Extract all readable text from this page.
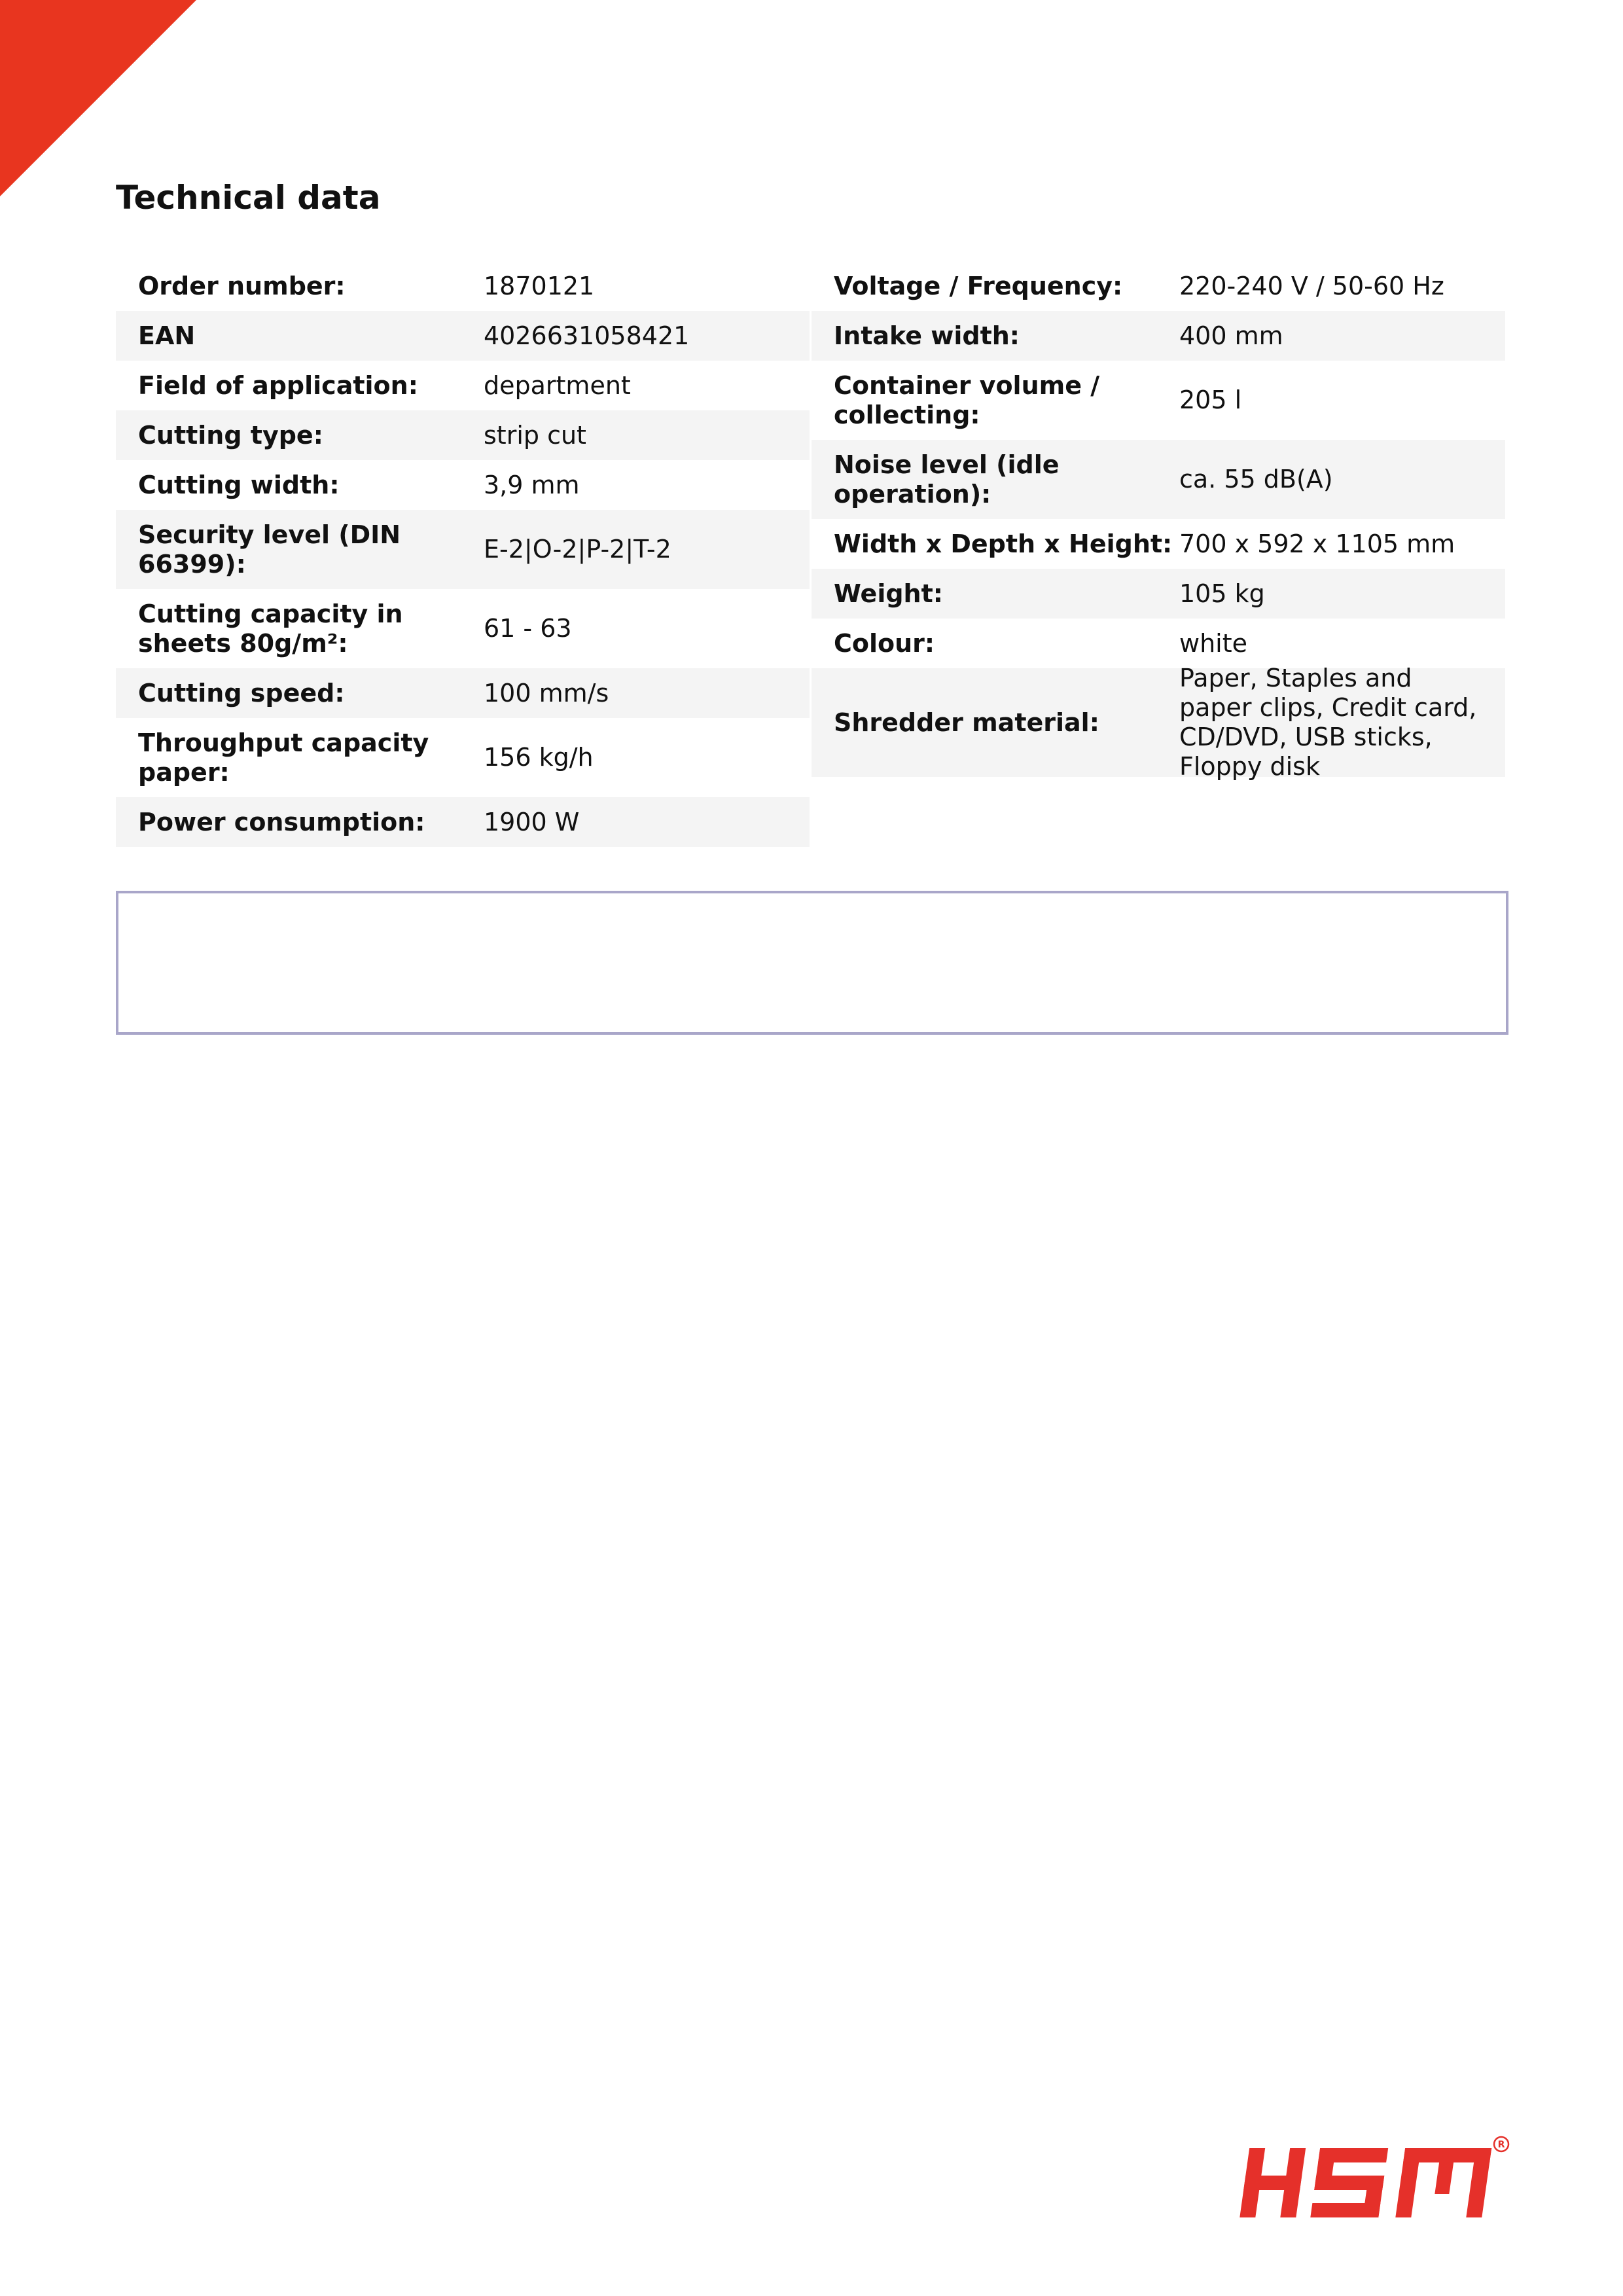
Technical data
Order number:	1870121
EAN	4026631058421
Field of application:	department
Cutting type:	strip cut
Cutting width:	3,9 mm
Security level (DIN 66399):
E-2|O-2|P-2|T-2
Cutting capacity in sheets 80g/m²:
61 - 63
Cutting speed:	100 mm/s
Throughput capacity paper:
156 kg/h
Power consumption:	1900 W
Voltage / Frequency:	220-240 V / 50-60 Hz
Intake width:	400 mm
Container volume / collecting:
205 l
Noise level (idle operation):
ca. 55 dB(A)
Width x Depth x Height: 700 x 592 x 1105 mm
Weight:	105 kg
Colour:	white
Shredder material:
Paper, Staples and paper clips, Credit card, CD/DVD, USB sticks, Floppy disk
R
